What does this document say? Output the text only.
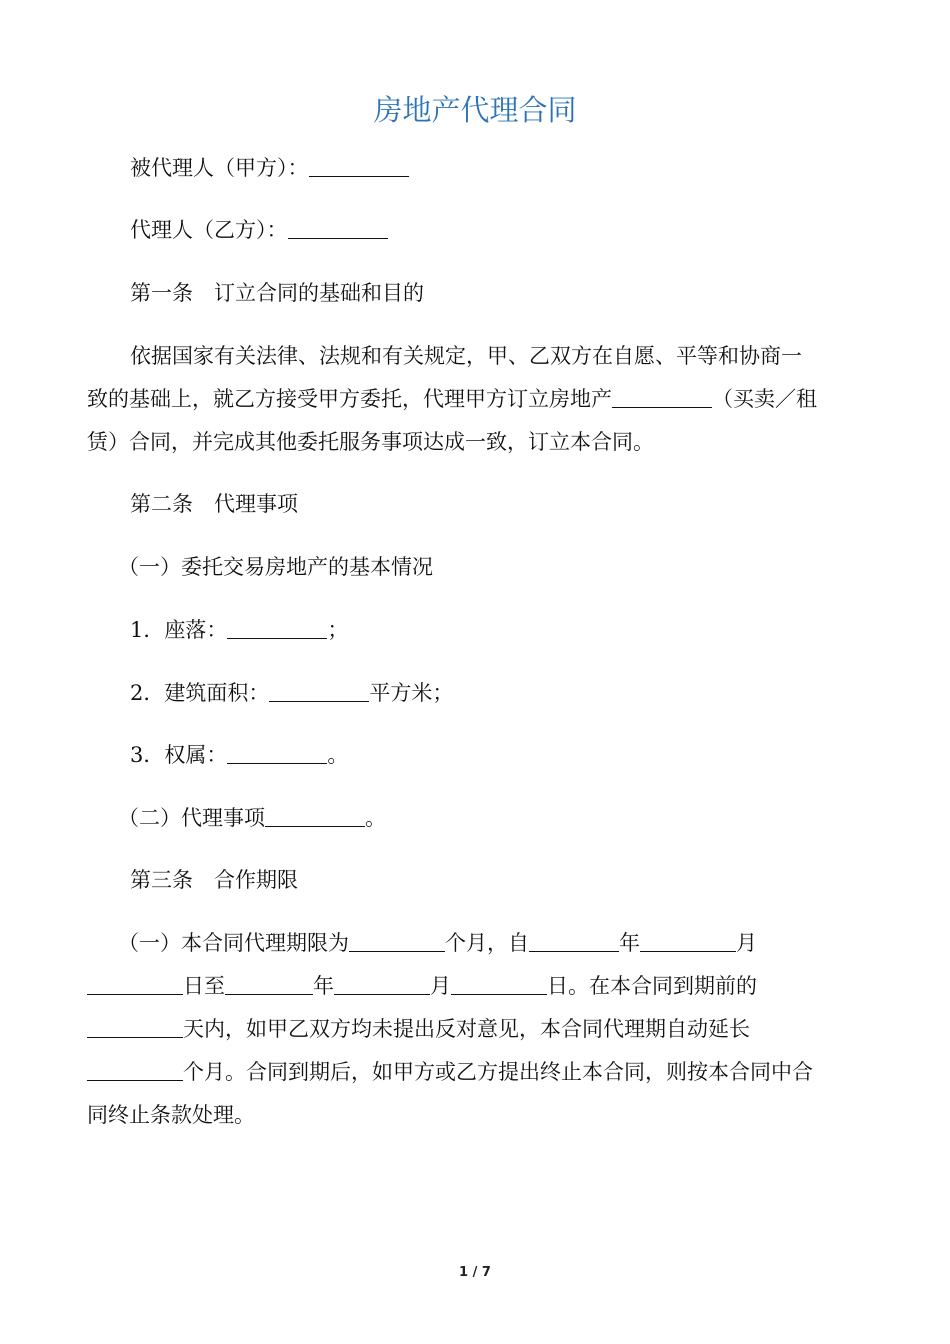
房地产代理合同
被代理人（甲方）：
代理人（乙方）：
第一条　订立合同的基础和目的
依据国家有关法律、法规和有关规定，甲、乙双方在自愿、平等和协商一
致的基础上，就乙方接受甲方委托，代理甲方订立房地产	（买卖／租
赁）合同，并完成其他委托服务事项达成一致，订立本合同。
第二条　代理事项
（一）委托交易房地产的基本情况
1．座落：	；
2．建筑面积：	平方米；
3．权属：	。
（二）代理事项	。
第三条　合作期限
（一）本合同代理期限为	个月，自	年	月
日至	年	月	日。在本合同到期前的
天内，如甲乙双方均未提出反对意见，本合同代理期自动延长
个月。合同到期后，如甲方或乙方提出终止本合同，则按本合同中合
同终止条款处理。
1 / 7
